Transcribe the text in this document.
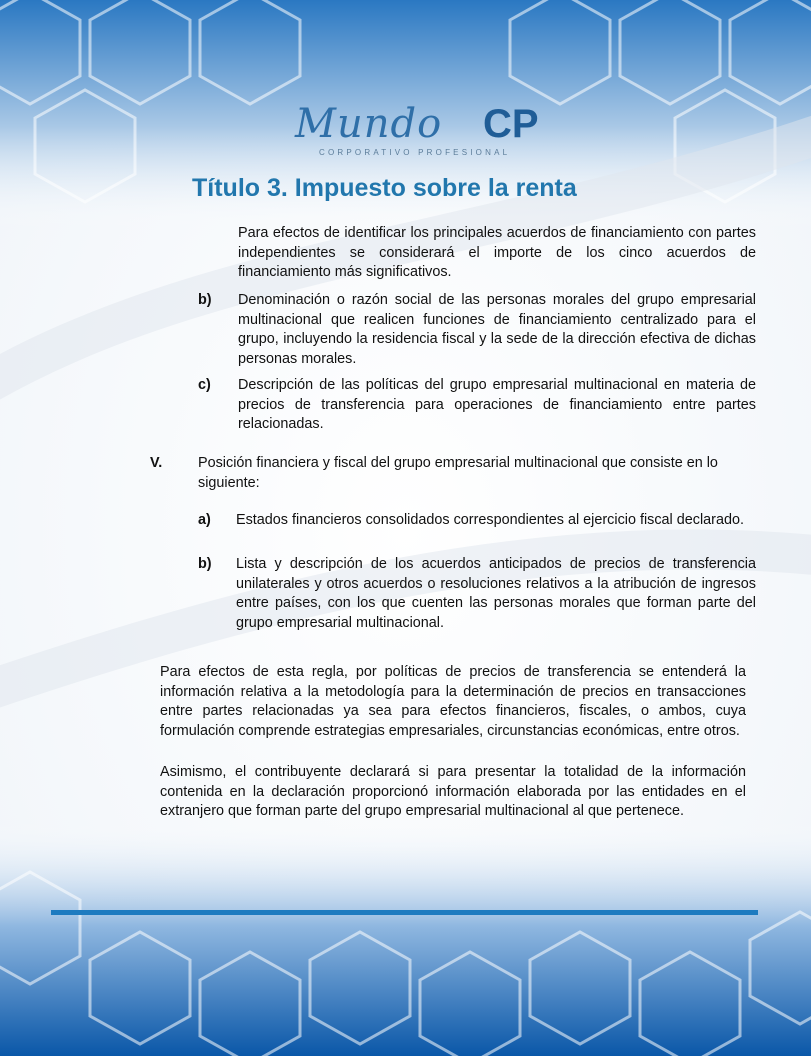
Mundo CP
CORPORATIVO PROFESIONAL
Título 3. Impuesto sobre la renta
Para efectos de identificar los principales acuerdos de financiamiento con partes independientes se considerará el importe de los cinco acuerdos de financiamiento más significativos.
b) Denominación o razón social de las personas morales del grupo empresarial multinacional que realicen funciones de financiamiento centralizado para el grupo, incluyendo la residencia fiscal y la sede de la dirección efectiva de dichas personas morales.
c) Descripción de las políticas del grupo empresarial multinacional en materia de precios de transferencia para operaciones de financiamiento entre partes relacionadas.
V. Posición financiera y fiscal del grupo empresarial multinacional que consiste en lo siguiente:
a) Estados financieros consolidados correspondientes al ejercicio fiscal declarado.
b) Lista y descripción de los acuerdos anticipados de precios de transferencia unilaterales y otros acuerdos o resoluciones relativos a la atribución de ingresos entre países, con los que cuenten las personas morales que forman parte del grupo empresarial multinacional.
Para efectos de esta regla, por políticas de precios de transferencia se entenderá la información relativa a la metodología para la determinación de precios en transacciones entre partes relacionadas ya sea para efectos financieros, fiscales, o ambos, cuya formulación comprende estrategias empresariales, circunstancias económicas, entre otros.
Asimismo, el contribuyente declarará si para presentar la totalidad de la información contenida en la declaración proporcionó información elaborada por las entidades en el extranjero que forman parte del grupo empresarial multinacional al que pertenece.
